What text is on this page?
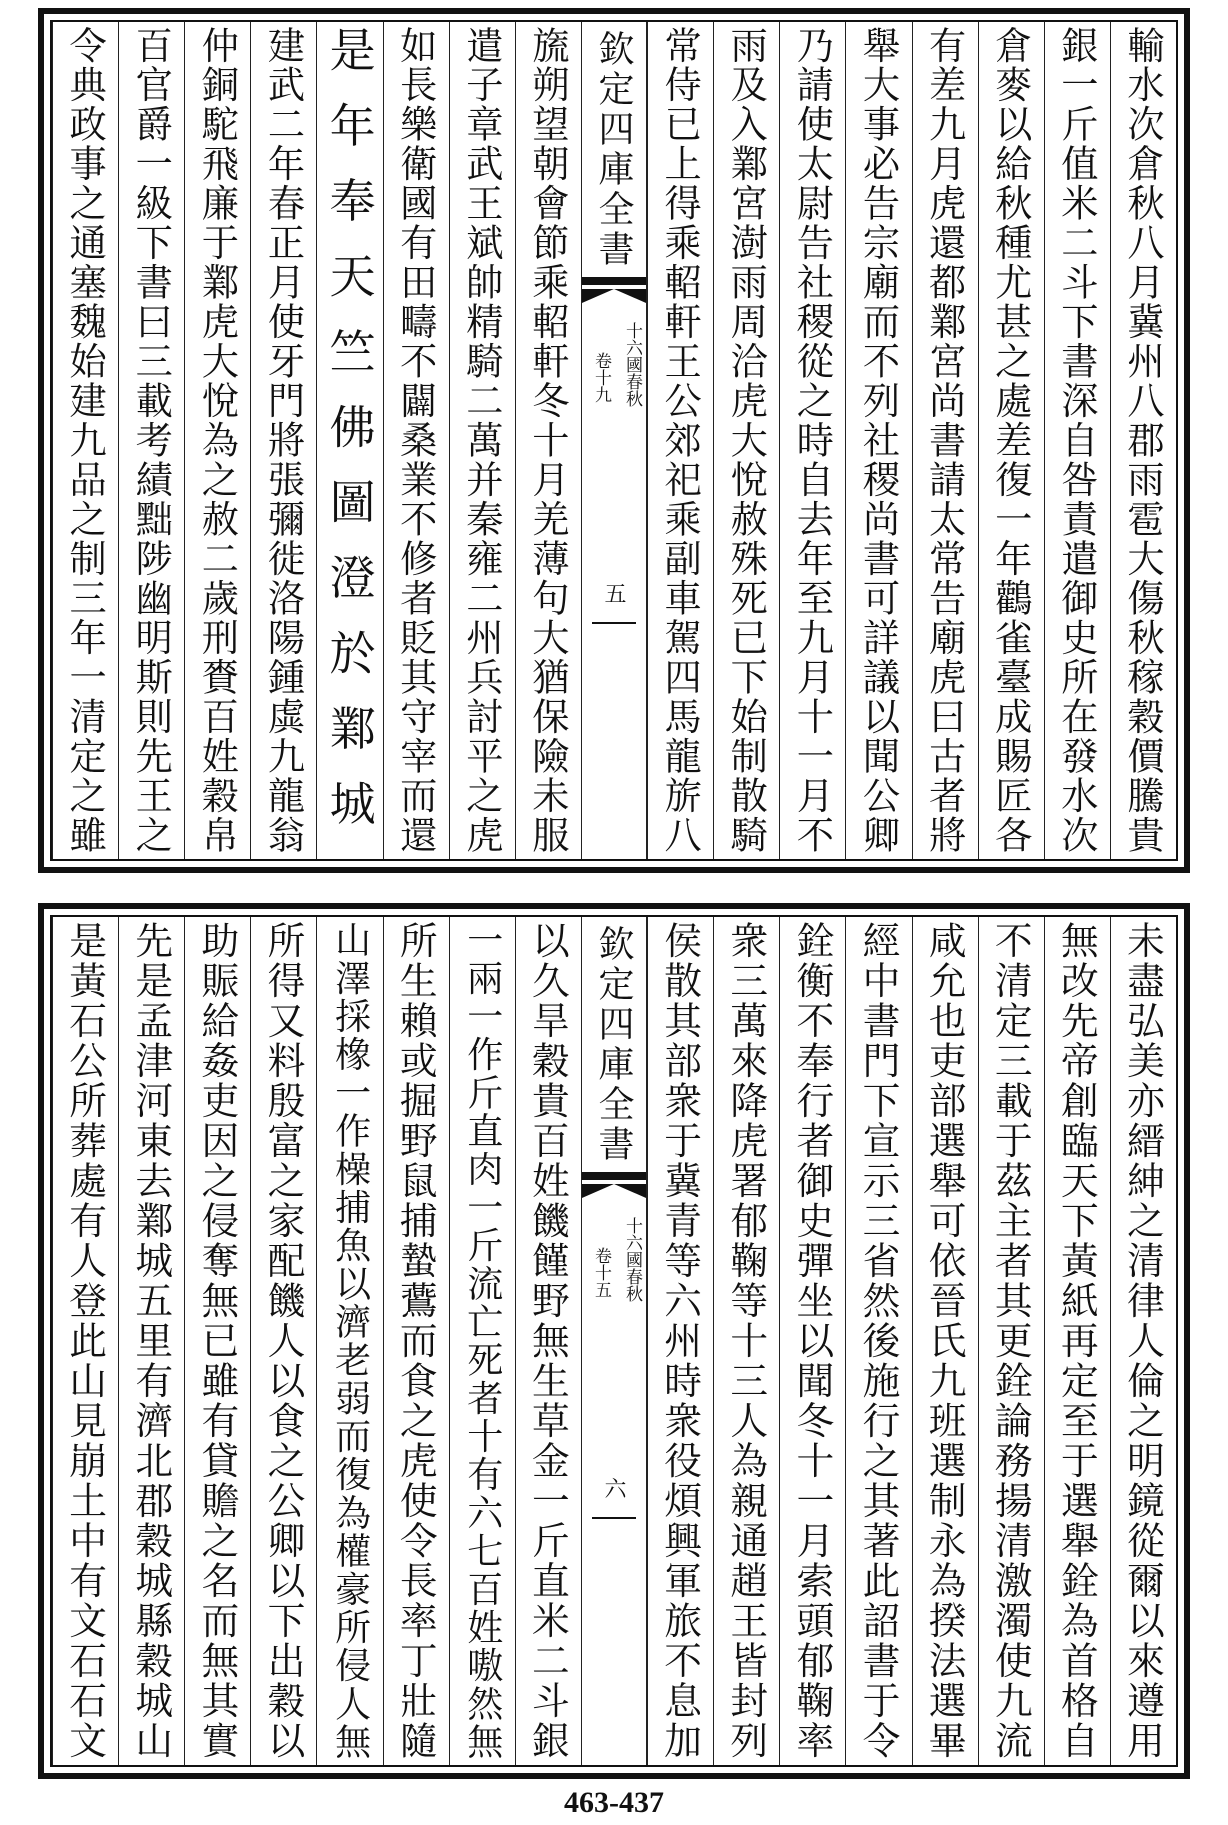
輸水次倉秋八月冀州八郡雨雹大傷秋稼穀價騰貴
銀一斤值米二斗下書深自咎責遣御史所在發水次
倉麥以給秋種尤甚之處差復一年鸛雀臺成賜匠各
有差九月虎還都鄴宮尚書請太常告廟虎曰古者將
舉大事必告宗廟而不列社稷尚書可詳議以聞公卿
乃請使太尉告社稷從之時自去年至九月十一月不
雨及入鄴宮澍雨周洽虎大悅赦殊死已下始制散騎
常侍已上得乘軺軒王公郊祀乘副車駕四馬龍旂八
旒朔望朝會節乘軺軒冬十月羌薄句大猶保險未服
遣子章武王斌帥精騎二萬并秦雍二州兵討平之虎
如長樂衛國有田疇不闢桑業不修者貶其守宰而還
是年奉天竺佛圖澄於鄴城
建武二年春正月使牙門將張彌徙洛陽鍾虡九龍翁
仲銅駝飛廉于鄴虎大悅為之赦二歲刑賚百姓穀帛
百官爵一級下書曰三載考績黜陟幽明斯則先王之
令典政事之通塞魏始建九品之制三年一清定之雖	欽定四庫全書
十六國春秋
卷十九
五
未盡弘美亦縉紳之清律人倫之明鏡從爾以來遵用
無改先帝創臨天下黃紙再定至于選舉銓為首格自
不清定三載于茲主者其更銓論務揚清激濁使九流
咸允也吏部選舉可依晉氏九班選制永為揆法選畢
經中書門下宣示三省然後施行之其著此詔書于令
銓衡不奉行者御史彈坐以聞冬十一月索頭郁鞠率
衆三萬來降虎署郁鞠等十三人為親通趙王皆封列
侯散其部衆于冀青等六州時衆役煩興軍旅不息加
以久旱穀貴百姓饑饉野無生草金一斤直米二斗銀
一兩一作斤直肉一斤流亡死者十有六七百姓嗷然無
所生賴或掘野鼠捕蟄鷰而食之虎使令長率丁壯隨
山澤採橡一作橾捕魚以濟老弱而復為權豪所侵人無
所得又料殷富之家配饑人以食之公卿以下出穀以
助賑給姦吏因之侵奪無已雖有貸贍之名而無其實
先是孟津河東去鄴城五里有濟北郡穀城縣穀城山
是黃石公所葬處有人登此山見崩土中有文石石文	欽定四庫全書
十六國春秋
卷十五
六
463-437
